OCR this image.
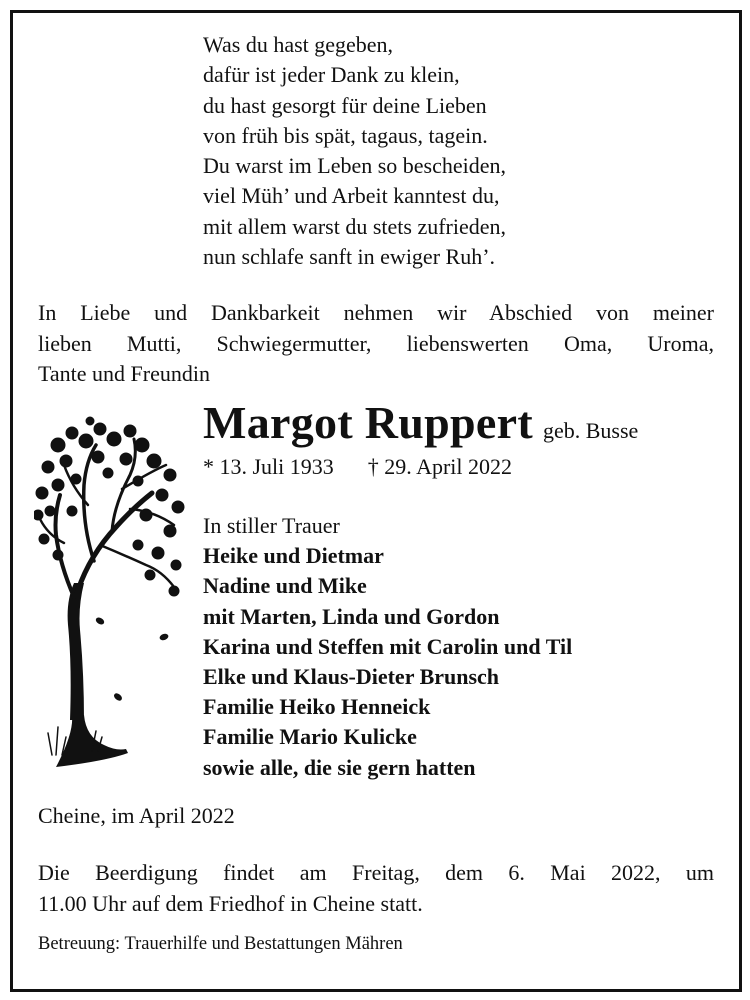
Was du hast gegeben,
dafür ist jeder Dank zu klein,
du hast gesorgt für deine Lieben
von früh bis spät, tagaus, tagein.
Du warst im Leben so bescheiden,
viel Müh’ und Arbeit kanntest du,
mit allem warst du stets zufrieden,
nun schlafe sanft in ewiger Ruh’.
In Liebe und Dankbarkeit nehmen wir Abschied von meiner
lieben Mutti, Schwiegermutter, liebenswerten Oma, Uroma,
Tante und Freundin
Margot Ruppert geb. Busse
* 13. Juli 1933 † 29. April 2022
In stiller Trauer
Heike und Dietmar
Nadine und Mike
mit Marten, Linda und Gordon
Karina und Steffen mit Carolin und Til
Elke und Klaus-Dieter Brunsch
Familie Heiko Henneick
Familie Mario Kulicke
sowie alle, die sie gern hatten
Cheine, im April 2022
Die Beerdigung findet am Freitag, dem 6. Mai 2022, um
11.00 Uhr auf dem Friedhof in Cheine statt.
Betreuung: Trauerhilfe und Bestattungen Mähren
